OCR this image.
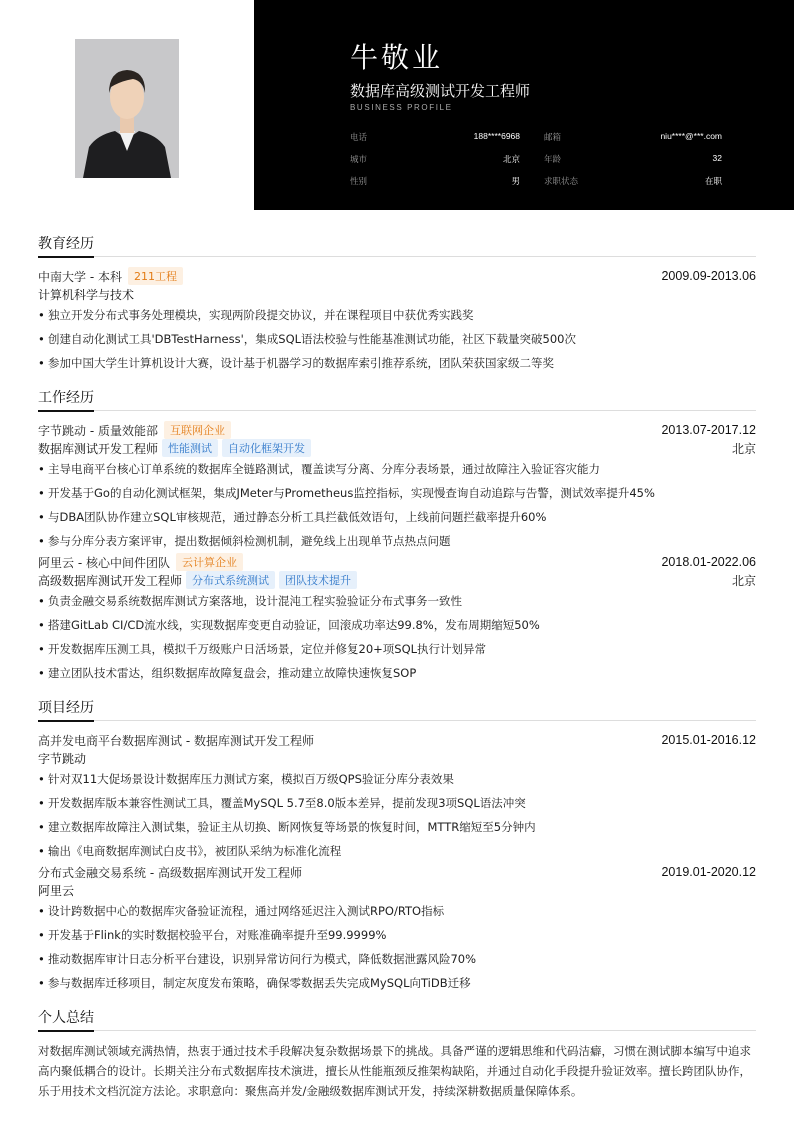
牛敬业
数据库高级测试开发工程师
BUSINESS PROFILE
电话	188****6968	邮箱	niu****@***.com
城市	北京	年龄	32
性别	男	求职状态	在职
教育经历
中南大学 - 本科	211工程	2009.09-2013.06
计算机科学与技术
• 独立开发分布式事务处理模块，实现两阶段提交协议，并在课程项目中获优秀实践奖
• 创建自动化测试工具'DBTestHarness'，集成SQL语法校验与性能基准测试功能，社区下载量突破500次
• 参加中国大学生计算机设计大赛，设计基于机器学习的数据库索引推荐系统，团队荣获国家级二等奖
工作经历
字节跳动 - 质量效能部	互联网企业	2013.07-2017.12
数据库测试开发工程师 性能测试	自动化框架开发	北京
• 主导电商平台核心订单系统的数据库全链路测试，覆盖读写分离、分库分表场景，通过故障注入验证容灾能力
• 开发基于Go的自动化测试框架，集成JMeter与Prometheus监控指标，实现慢查询自动追踪与告警，测试效率提升45%
• 与DBA团队协作建立SQL审核规范，通过静态分析工具拦截低效语句，上线前问题拦截率提升60%
• 参与分库分表方案评审，提出数据倾斜检测机制，避免线上出现单节点热点问题
阿里云 - 核心中间件团队	云计算企业	2018.01-2022.06
高级数据库测试开发工程师 分布式系统测试	团队技术提升	北京
• 负责金融交易系统数据库测试方案落地，设计混沌工程实验验证分布式事务一致性
• 搭建GitLab CI/CD流水线，实现数据库变更自动验证，回滚成功率达99.8%，发布周期缩短50%
• 开发数据库压测工具，模拟千万级账户日活场景，定位并修复20+项SQL执行计划异常
• 建立团队技术雷达，组织数据库故障复盘会，推动建立故障快速恢复SOP
项目经历
高并发电商平台数据库测试 - 数据库测试开发工程师	2015.01-2016.12
字节跳动
• 针对双11大促场景设计数据库压力测试方案，模拟百万级QPS验证分库分表效果
• 开发数据库版本兼容性测试工具，覆盖MySQL 5.7至8.0版本差异，提前发现3项SQL语法冲突
• 建立数据库故障注入测试集，验证主从切换、断网恢复等场景的恢复时间，MTTR缩短至5分钟内
• 输出《电商数据库测试白皮书》，被团队采纳为标准化流程
分布式金融交易系统 - 高级数据库测试开发工程师	2019.01-2020.12
阿里云
• 设计跨数据中心的数据库灾备验证流程，通过网络延迟注入测试RPO/RTO指标
• 开发基于Flink的实时数据校验平台，对账准确率提升至99.9999%
• 推动数据库审计日志分析平台建设，识别异常访问行为模式，降低数据泄露风险70%
• 参与数据库迁移项目，制定灰度发布策略，确保零数据丢失完成MySQL向TiDB迁移
个人总结

对数据库测试领域充满热情，热衷于通过技术手段解决复杂数据场景下的挑战。具备严谨的逻辑思维和代码洁癖，习惯在测试脚本编写中追求高内聚低耦合的设计。长期关注分布式数据库技术演进，擅长从性能瓶颈反推架构缺陷，并通过自动化手段提升验证效率。擅长跨团队协作，乐于用技术文档沉淀方法论。求职意向：聚焦高并发/金融级数据库测试开发，持续深耕数据质量保障体系。
